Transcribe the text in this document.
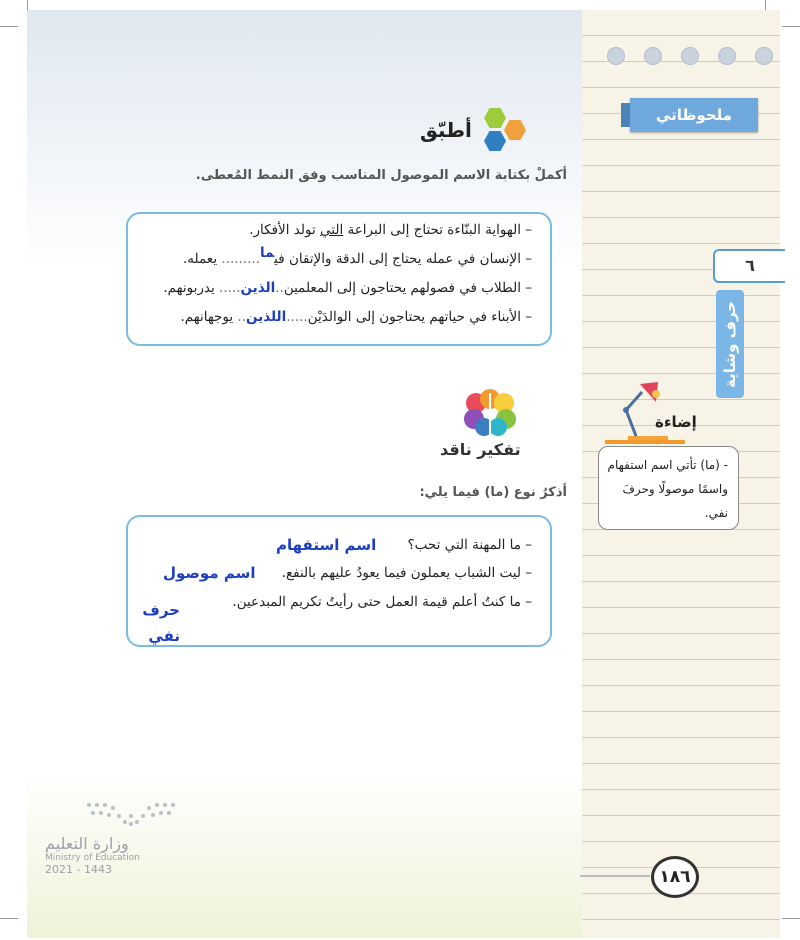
ملحوظاتي
٦
حرف وشاية
إضاءة
- (ما) تأتي اسم استفهام واسمًا موصولًا وحرفَ نفي.
أطبّق
أكملْ بكتابة الاسم الموصول المناسب وفق النمط المُعطى.
– الهواية البنّاءة تحتاج إلى البراعة التي تولد الأفكار.
– الإنسان في عمله يحتاج إلى الدقة والإتقان فيما......... يعمله.
– الطلاب في فصولهم يحتاجون إلى المعلمين..الذين..... يدربونهم.
– الأبناء في حياتهم يحتاجون إلى الوالدَيْن.....اللذين.. يوجهانهم.
تفكير ناقد
أذكرُ نوع (ما) فيما يلي:
– ما المهنة التي تحب؟
– ليت الشباب يعملون فيما يعودُ عليهم بالنفع.
– ما كنتُ أعلم قيمة العمل حتى رأيتُ تكريم المبدعين.
اسم استفهام
اسم موصول
حرف نفي
وزارة التعليم
Ministry of Education
2021 - 1443	١٨٦
